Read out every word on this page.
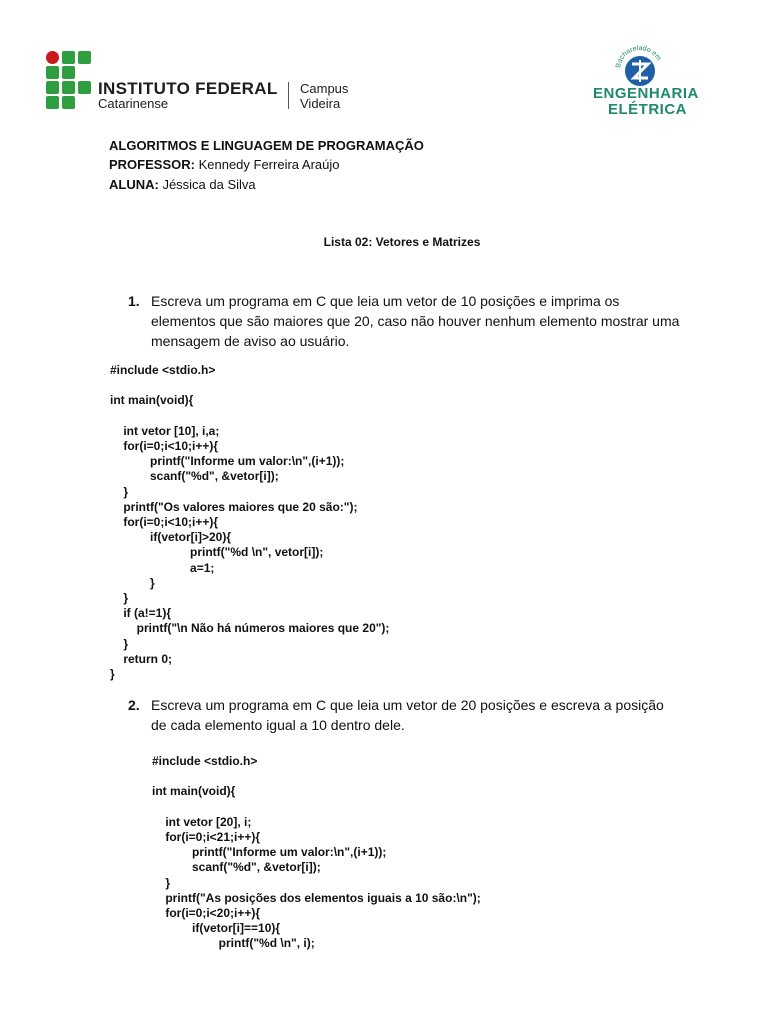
INSTITUTO FEDERAL
Catarinense
Campus
Videira
Bacharelado em
ENGENHARIA
ELÉTRICA
ALGORITMOS E LINGUAGEM DE PROGRAMAÇÃO
PROFESSOR: Kennedy Ferreira Araújo
ALUNA: Jéssica da Silva
Lista 02: Vetores e Matrizes
1. Escreva um programa em C que leia um vetor de 10 posições e imprima os elementos que são maiores que 20, caso não houver nenhum elemento mostrar uma mensagem de aviso ao usuário.
#include <stdio.h>

int main(void){

int vetor [10], i,a;
for(i=0;i<10;i++){
printf("Informe um valor:\n",(i+1));
scanf("%d", &vetor[i]);
}
printf("Os valores maiores que 20 são:");
for(i=0;i<10;i++){
if(vetor[i]>20){
printf("%d \n", vetor[i]);
a=1;
}
}
if (a!=1){
printf("\n Não há números maiores que 20");
}
return 0;
}
2. Escreva um programa em C que leia um vetor de 20 posições e escreva a posição de cada elemento igual a 10 dentro dele.
#include <stdio.h>

int main(void){

int vetor [20], i;
for(i=0;i<21;i++){
printf("Informe um valor:\n",(i+1));
scanf("%d", &vetor[i]);
}
printf("As posições dos elementos iguais a 10 são:\n");
for(i=0;i<20;i++){
if(vetor[i]==10){
printf("%d \n", i);
